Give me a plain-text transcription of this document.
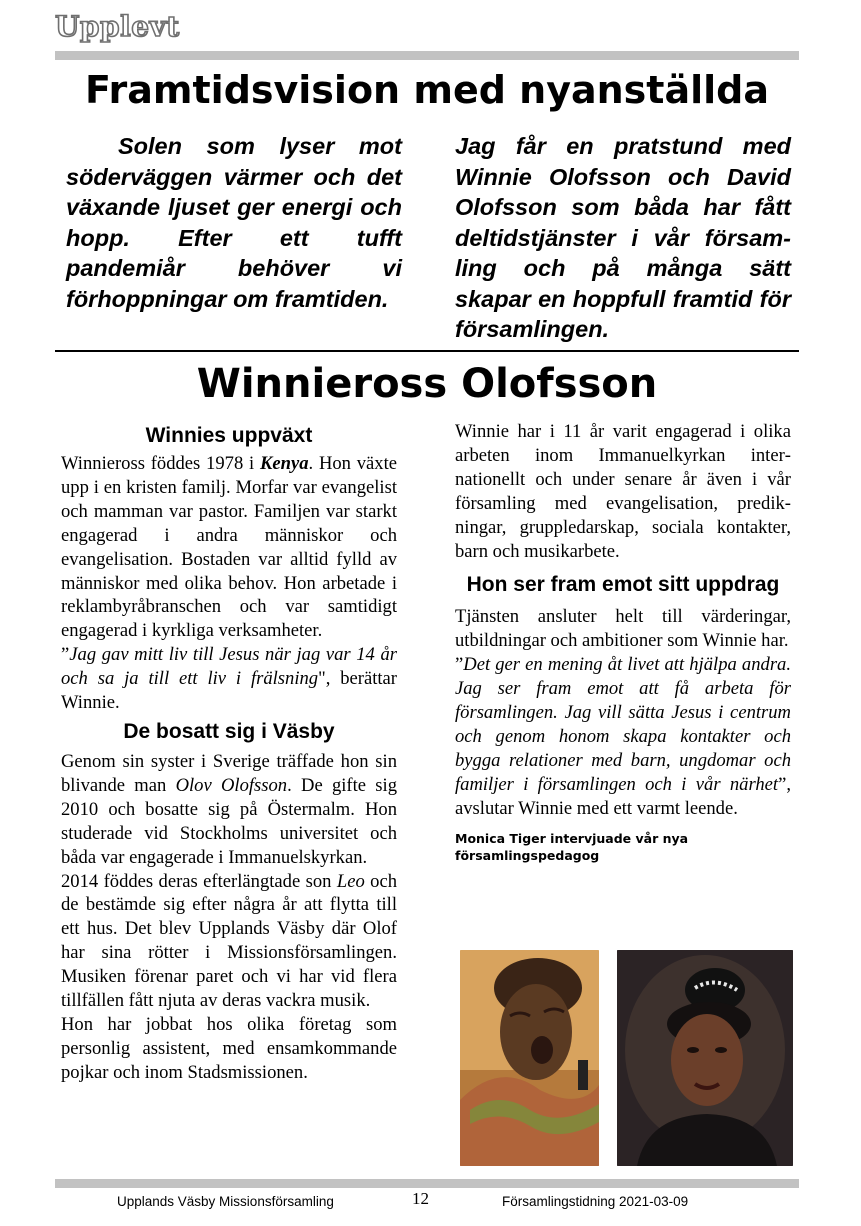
Upplevt
Framtidsvision med nyanställda

Solen som lyser mot söderväggen värmer och det växande ljuset ger energi och hopp. Efter ett tufft pandemiår behöver vi förhoppningar om framtiden.

Jag får en pratstund med Winnie Olofsson och David Olofsson som båda har fått deltidstjänster i vår församling och på många sätt skapar en hoppfull framtid för församlingen.

Winnieross Olofsson
Winnies uppväxt

Winnieross föddes 1978 i Kenya. Hon växte upp i en kristen familj. Morfar var evangelist och mamman var pastor. Familjen var starkt engagerad i andra människor och evangelisation. Bostaden var alltid fylld av människor med olika behov. Hon arbetade i reklambyråbranschen och var samtidigt engagerad i kyrkliga verksamheter.

”Jag gav mitt liv till Jesus när jag var 14 år och sa ja till ett liv i frälsning", berättar Winnie.

De bosatt sig i Väsby

Genom sin syster i Sverige träffade hon sin blivande man Olov Olofsson. De gifte sig 2010 och bosatte sig på Östermalm. Hon studerade vid Stockholms universitet och båda var engagerade i Immanuelskyrkan.

2014 föddes deras efterlängtade son Leo och de bestämde sig efter några år att flytta till ett hus. Det blev Upplands Väsby där Olof har sina rötter i Missionsförsamlingen. Musiken förenar paret och vi har vid flera tillfällen fått njuta av deras vackra musik.

Hon har jobbat hos olika företag som personlig assistent, med ensamkommande pojkar och inom Stadsmissionen.

Winnie har i 11 år varit engagerad i olika arbeten inom Immanuelkyrkan internationellt och under senare år även i vår församling med evangelisation, predikningar, gruppledarskap, sociala kontakter, barn och musikarbete.

Hon ser fram emot sitt uppdrag

Tjänsten ansluter helt till värderingar, utbildningar och ambitioner som Winnie har.

”Det ger en mening åt livet att hjälpa andra. Jag ser fram emot att få arbeta för församlingen. Jag vill sätta Jesus i centrum och genom honom skapa kontakter och bygga relationer med barn, ungdomar och familjer i församlingen och i vår närhet”, avslutar Winnie med ett varmt leende.

Monica Tiger intervjuade vår nya församlingspedagog

Upplands Väsby Missionsförsamling	12	Församlingstidning 2021-03-09
